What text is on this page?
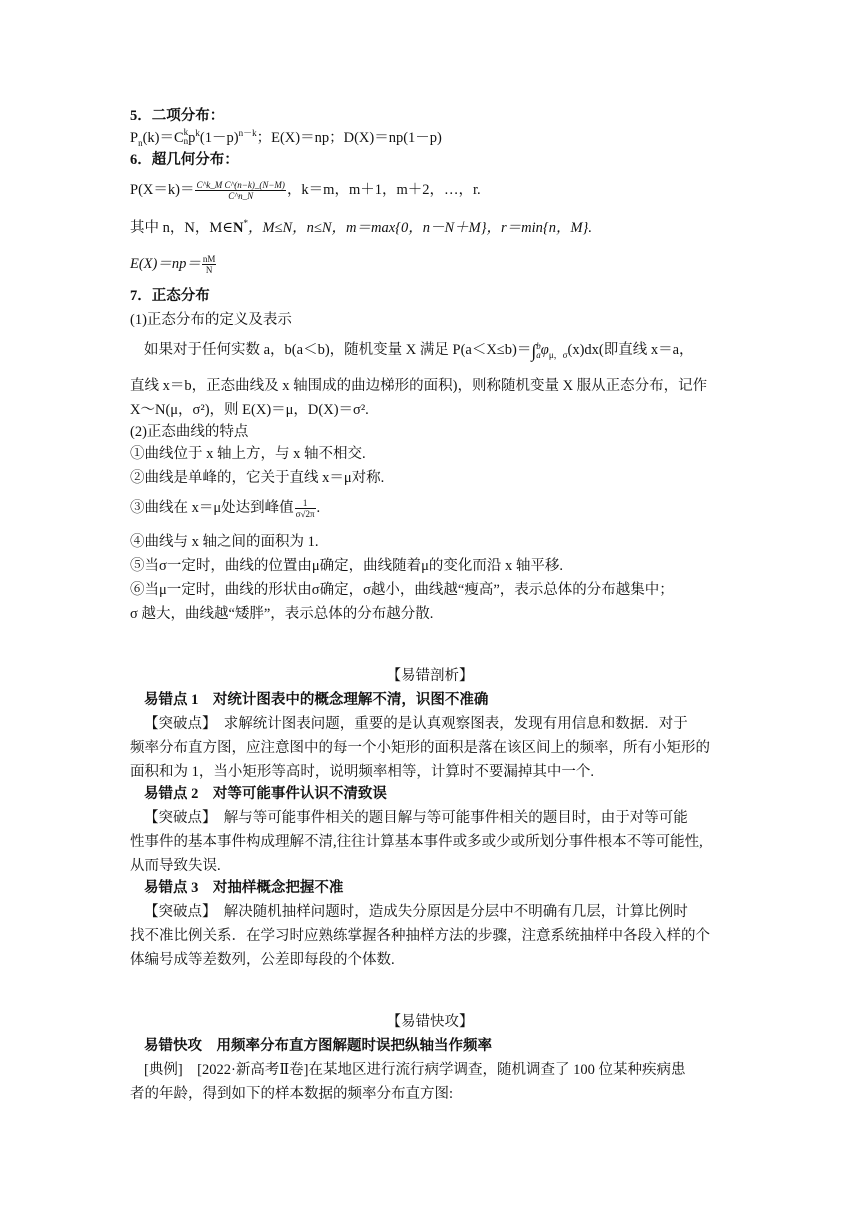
5．二项分布：
$P_n(k)=C$ k
n $p^k(1-p)^{n-k}$；E(X)＝np；D(X)＝np(1－p)
6．超几何分布：
$P(X=k)= \frac{\text{C\textasciicircum{}k\_M C\textasciicircum{}(n−k)\_(N−M)}}{C\^{}n\_N}$ ，k＝m，m＋1，m＋2，…，r.
其中 n，N，M∈N*，M≤N，n≤N，m＝max{0，n－N＋M}，r＝min{n，M}.
$E(X)=np= \frac{nM}{N}$
7．正态分布
(1)正态分布的定义及表示
如果对于任何实数 a，b(a＜b)，随机变量 X 满足 P(a＜X≤b)＝∫ b
a $\varphi_{\mu,\sigma}(x)dx$(即直线 x＝a，
直线 x＝b，正态曲线及 x 轴围成的曲边梯形的面积)，则称随机变量 X 服从正态分布，记作
X～N(μ，σ²)，则 E(X)＝μ，D(X)＝σ².
(2)正态曲线的特点
①曲线位于 x 轴上方，与 x 轴不相交.
②曲线是单峰的，它关于直线 x＝μ对称.
③曲线在 x＝μ处达到峰值 $\frac{1}{\sigma√2\pi}$ .
④曲线与 x 轴之间的面积为 1.
⑤当σ一定时，曲线的位置由μ确定，曲线随着μ的变化而沿 x 轴平移.
⑥当μ一定时，曲线的形状由σ确定，σ越小，曲线越“瘦高”，表示总体的分布越集中；
σ 越大，曲线越“矮胖”，表示总体的分布越分散.
【易错剖析】
易错点 1　对统计图表中的概念理解不清，识图不准确
【突破点】　求解统计图表问题，重要的是认真观察图表，发现有用信息和数据．对于
频率分布直方图，应注意图中的每一个小矩形的面积是落在该区间上的频率，所有小矩形的
面积和为 1，当小矩形等高时，说明频率相等，计算时不要漏掉其中一个.
易错点 2　对等可能事件认识不清致误
【突破点】　解与等可能事件相关的题目解与等可能事件相关的题目时，由于对等可能
性事件的基本事件构成理解不清,往往计算基本事件或多或少或所划分事件根本不等可能性,
从而导致失误.
易错点 3　对抽样概念把握不准
【突破点】　解决随机抽样问题时，造成失分原因是分层中不明确有几层，计算比例时
找不准比例关系．在学习时应熟练掌握各种抽样方法的步骤，注意系统抽样中各段入样的个
体编号成等差数列，公差即每段的个体数.
【易错快攻】
易错快攻　用频率分布直方图解题时误把纵轴当作频率
[典例]　[2022·新高考Ⅱ卷]在某地区进行流行病学调查，随机调查了 100 位某种疾病患
者的年龄，得到如下的样本数据的频率分布直方图:
